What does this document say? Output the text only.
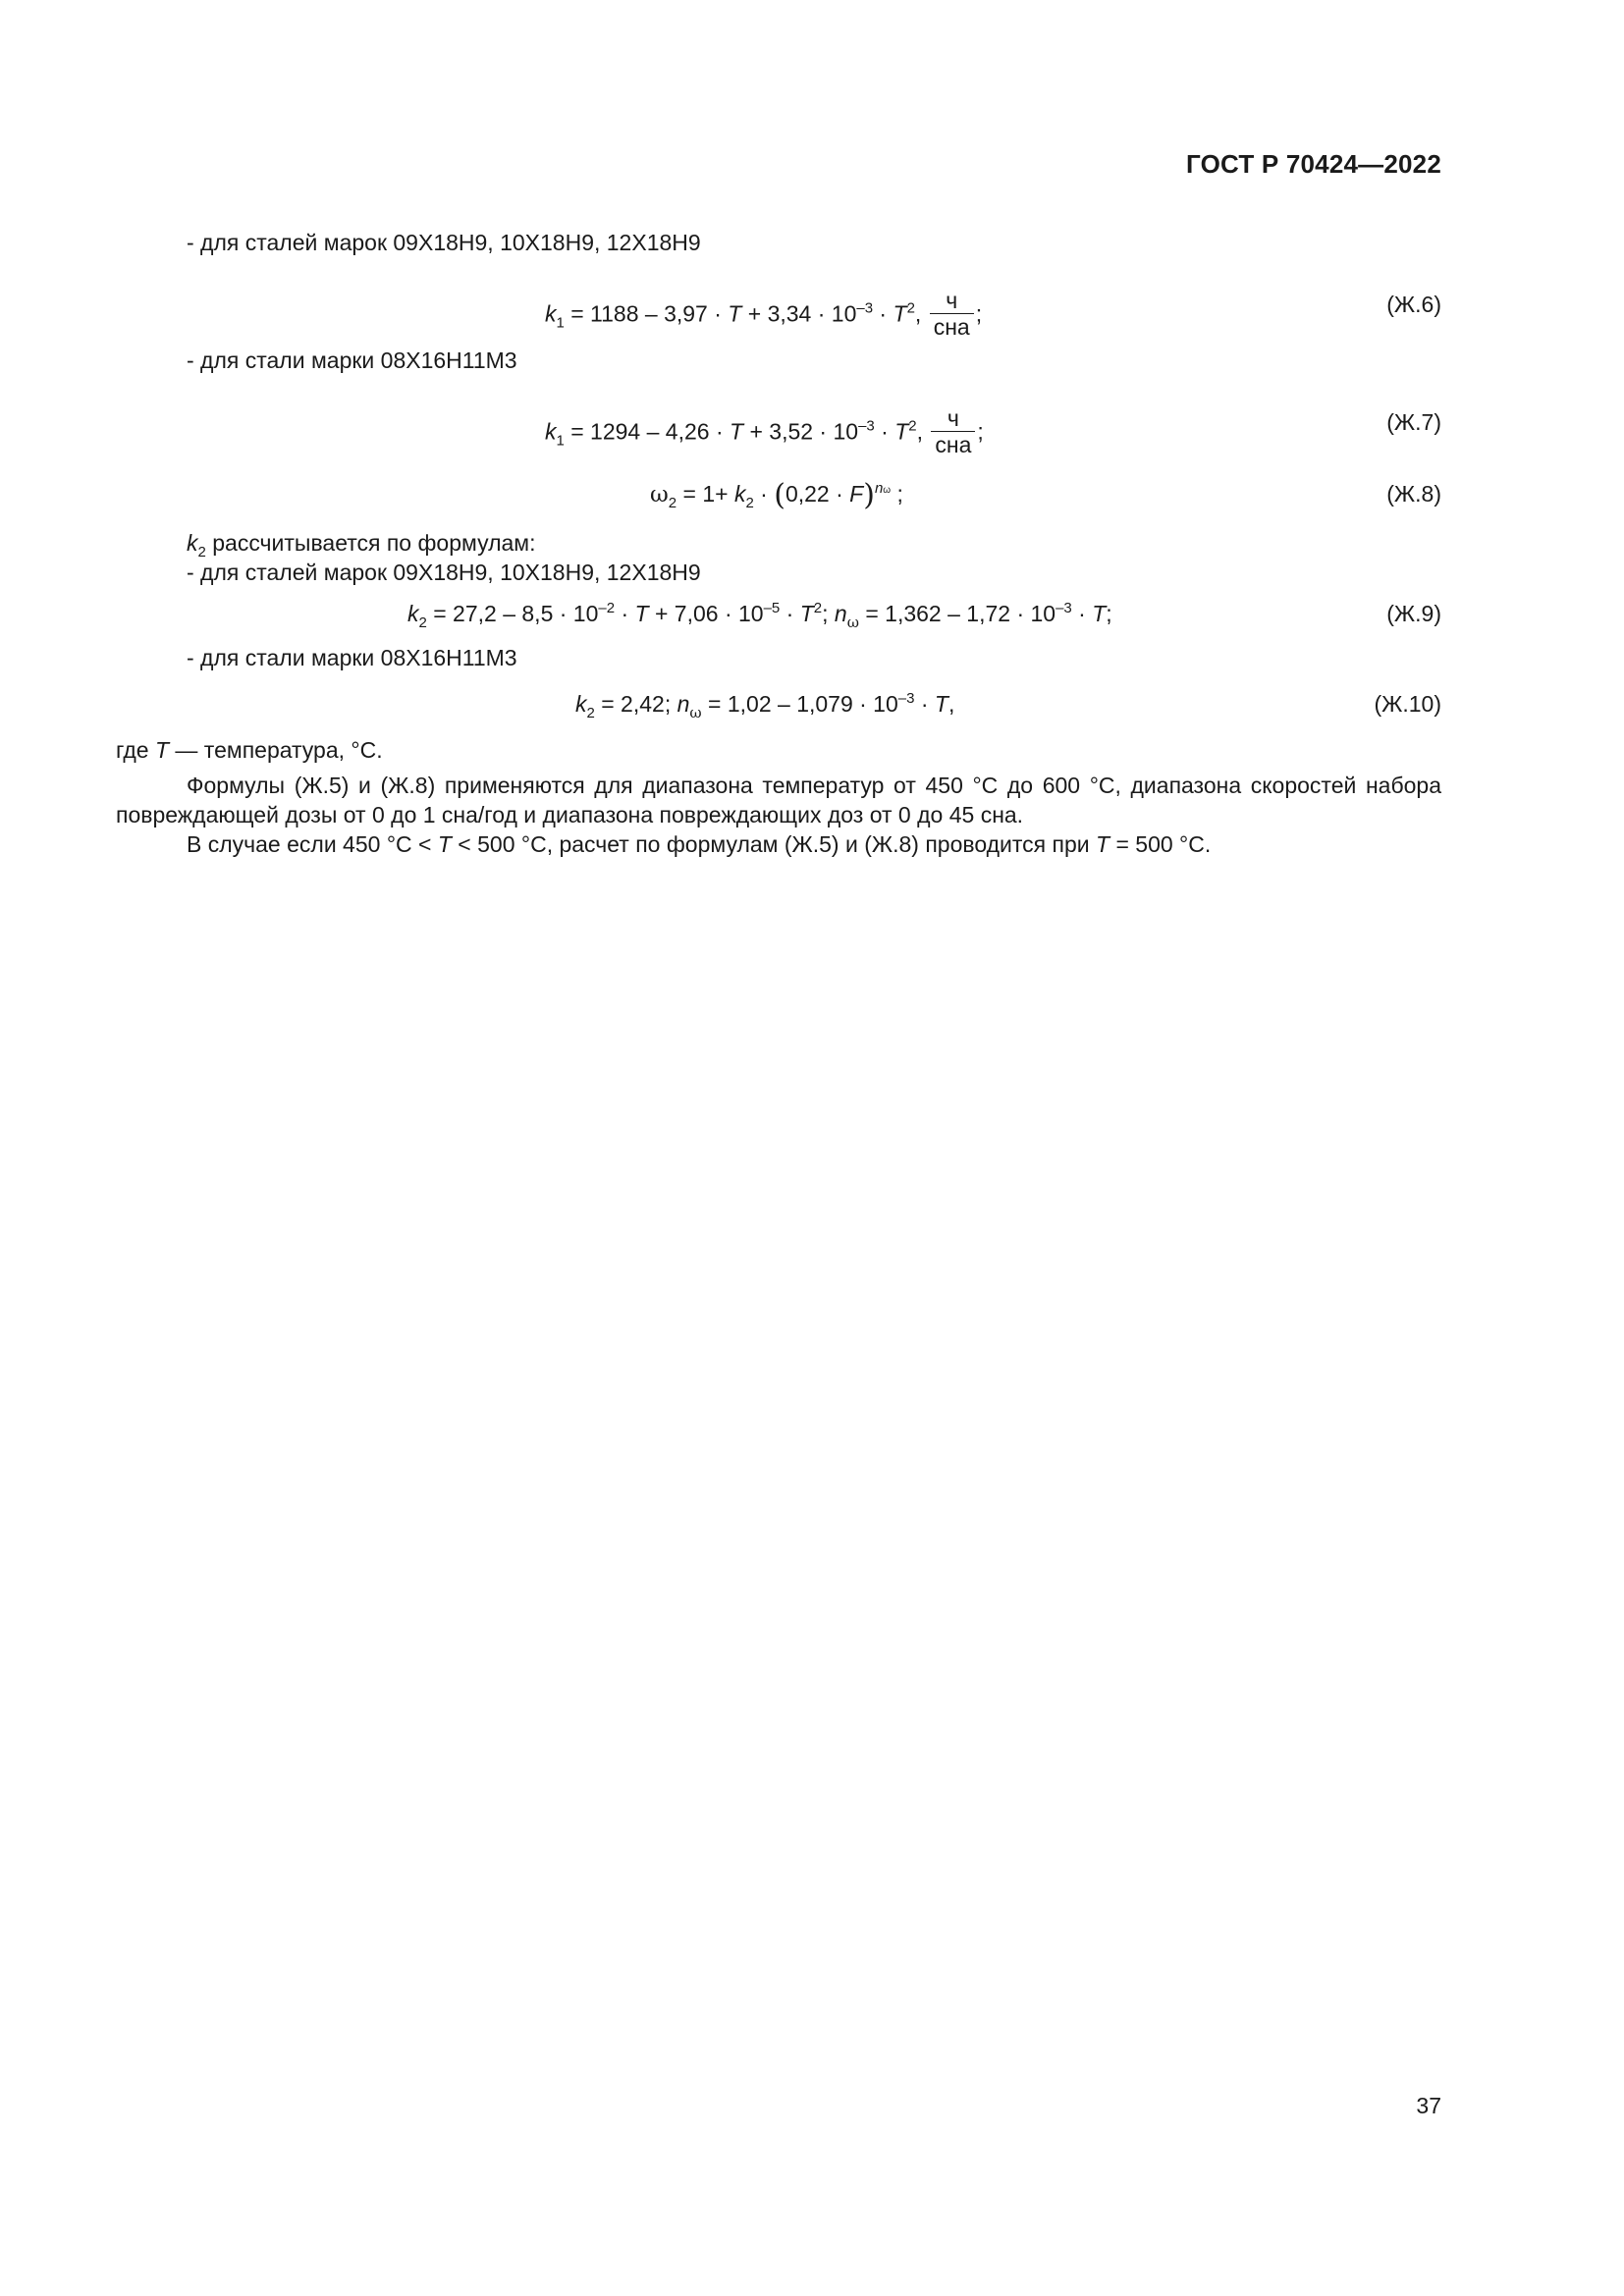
ГОСТ Р 70424—2022
- для сталей марок 09Х18Н9, 10Х18Н9, 12Х18Н9
$k_1 = 1188 - 3,97 \cdot T + 3,34 \cdot 10^{-3} \cdot T^2$, $\frac{ч}{\text{сна}}$ ;	(Ж.6)
- для стали марки 08Х16Н11М3
$k_1 = 1294 - 4,26 \cdot T + 3,52 \cdot 10^{-3} \cdot T^2$, $\frac{ч}{\text{сна}}$ ;	(Ж.7)
$\omega_2 = 1+ k_2 \cdot (0,22 \cdot F)^{n\omega}$ ;	(Ж.8)
$k_2$ рассчитывается по формулам:
- для сталей марок 09Х18Н9, 10Х18Н9, 12Х18Н9
$k_2 = 27,2 - 8,5 \cdot 10^{-2} \cdot T + 7,06 \cdot 10^{-5} \cdot T^2$; $n_\omega = 1,362 - 1,72 \cdot 10^{-3} \cdot T$;	(Ж.9)
- для стали марки 08Х16Н11М3
$k_2 = 2,42$; $n_\omega = 1,02 - 1,079 \cdot 10^{-3} \cdot T$,	(Ж.10)
где T — температура, °С.
Формулы (Ж.5) и (Ж.8) применяются для диапазона температур от 450 °С до 600 °С, диапазона скоростей набора повреждающей дозы от 0 до 1 сна/год и диапазона повреждающих доз от 0 до 45 сна.
В случае если 450 °С < T < 500 °С, расчет по формулам (Ж.5) и (Ж.8) проводится при T = 500 °С.
37
